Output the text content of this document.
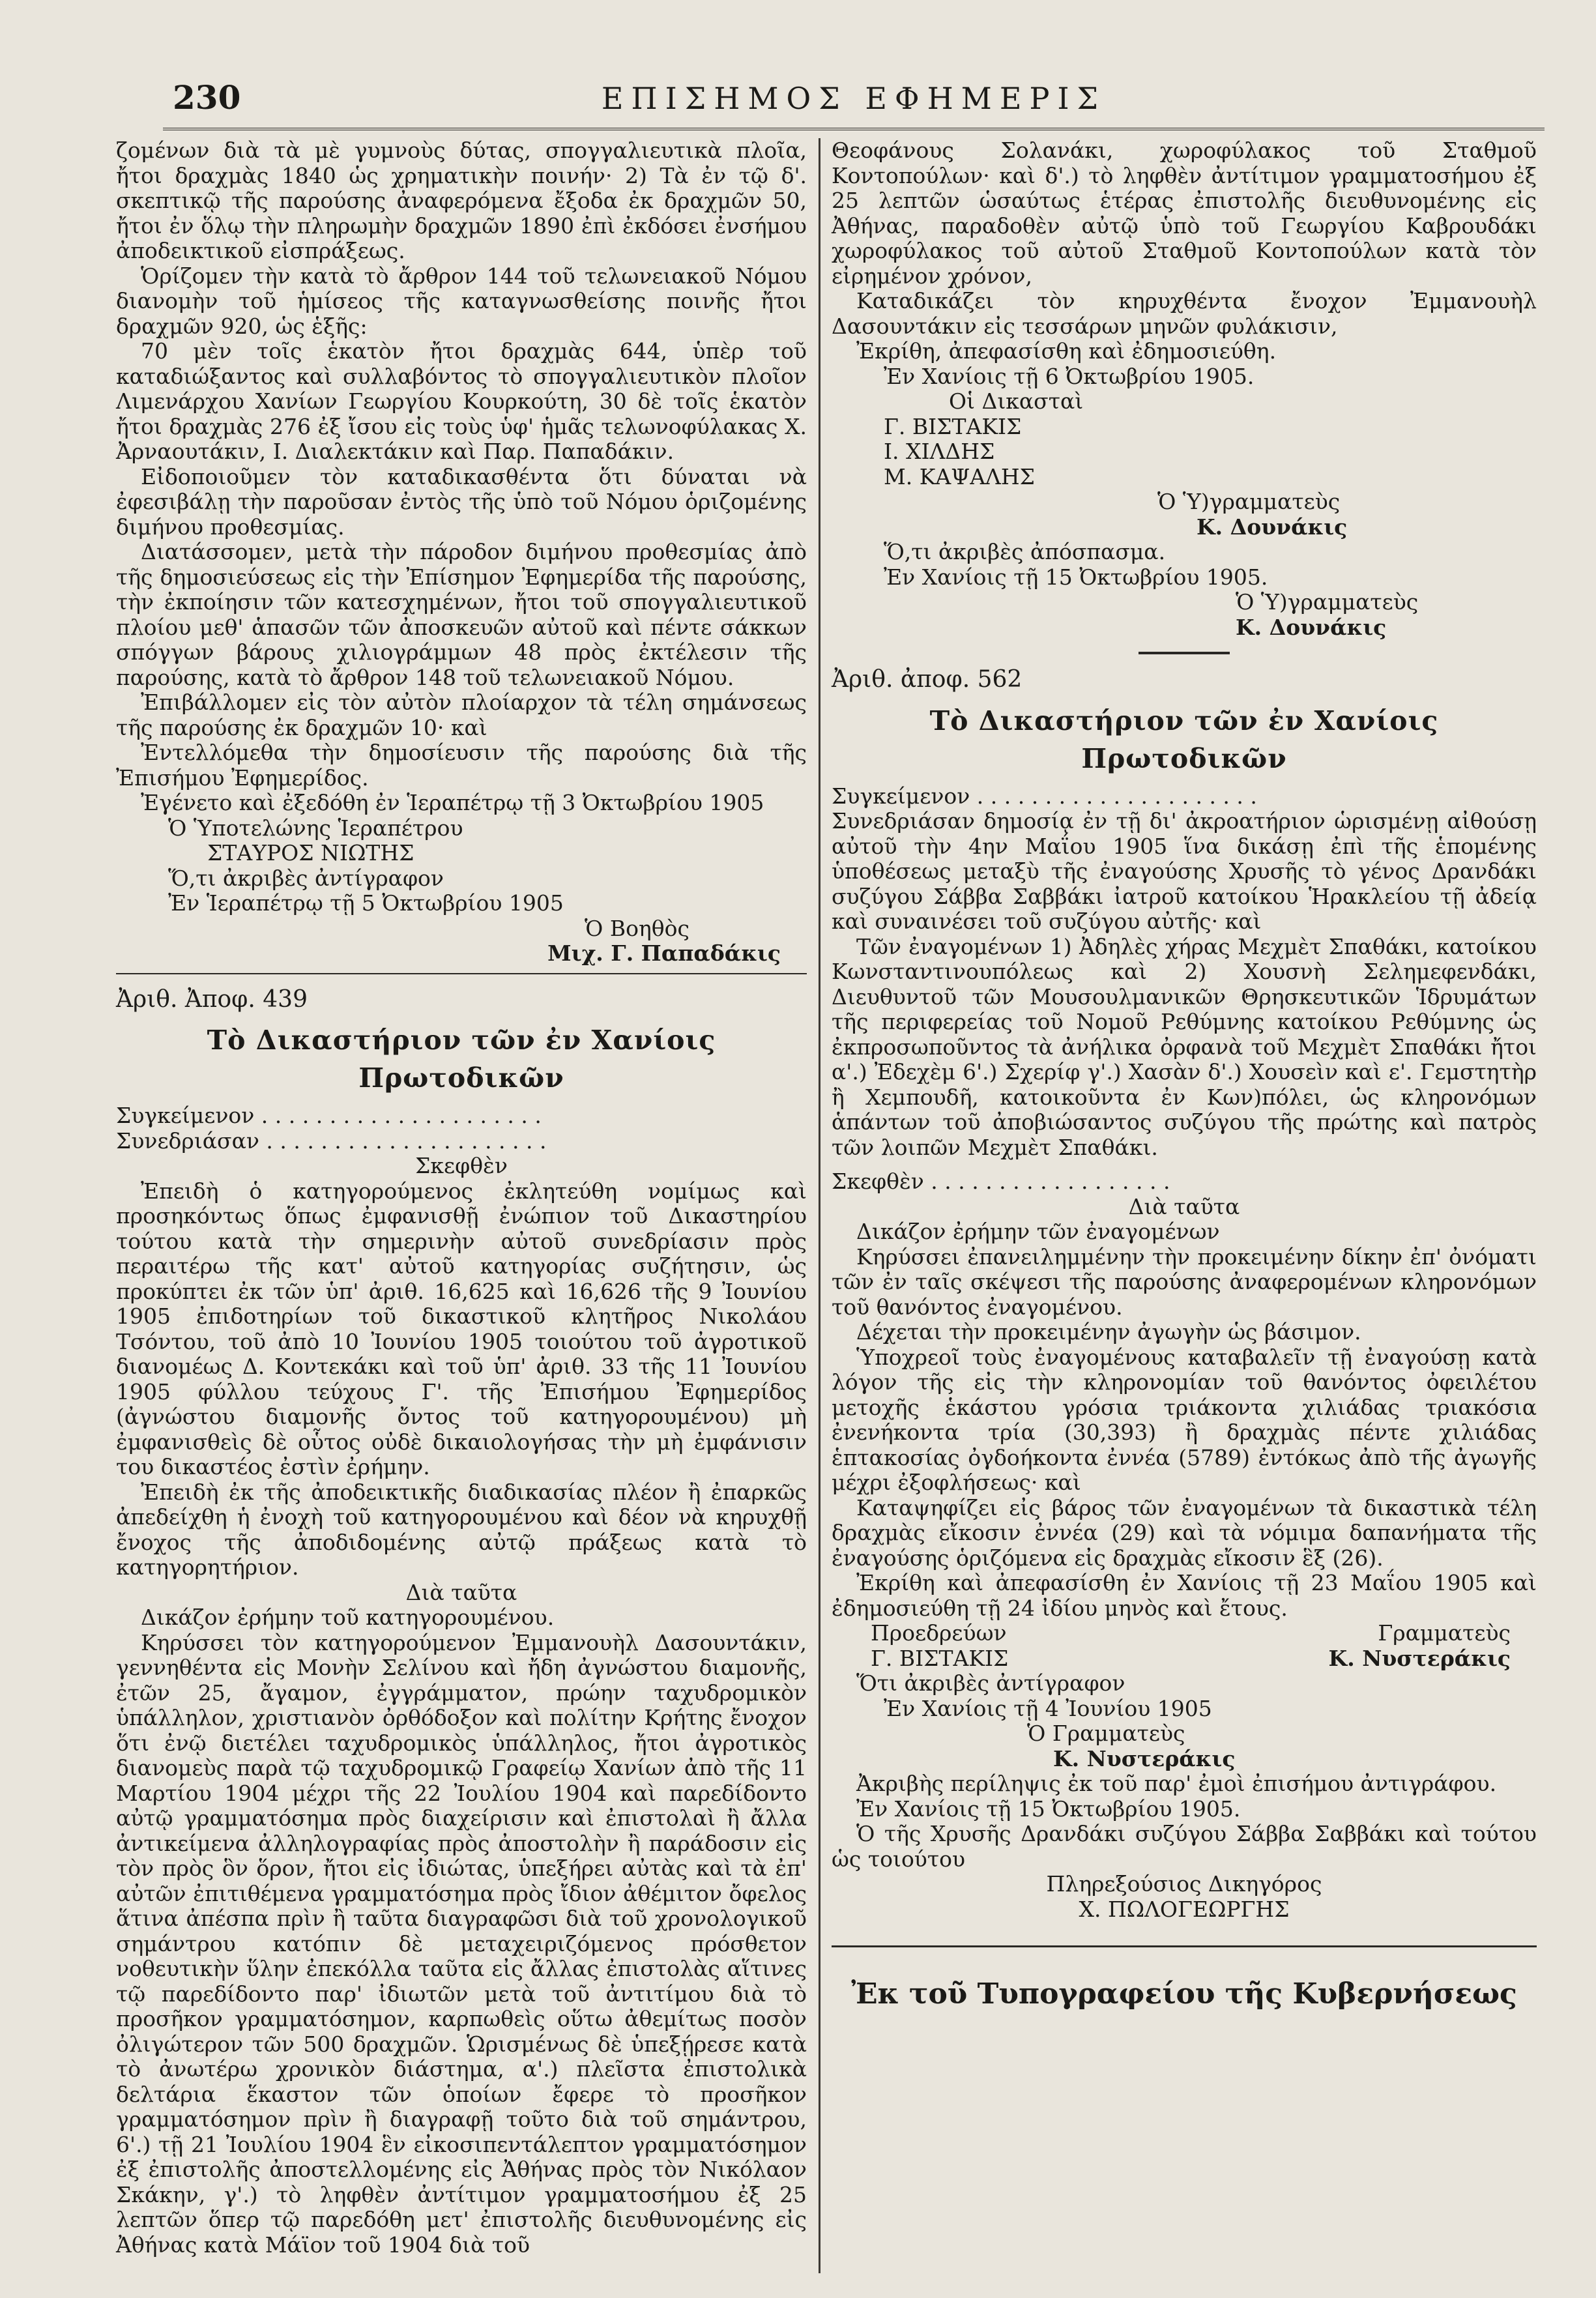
230	ΕΠΙΣΗΜΟΣ ΕΦΗΜΕΡΙΣ

ζομένων διὰ τὰ μὲ γυμνοὺς δύτας, σπογγαλιευτικὰ πλοῖα, ἤτοι δραχμὰς 1840 ὡς χρηματικὴν ποινήν· 2) Τὰ ἐν τῷ δ'. σκεπτικῷ τῆς παρούσης ἀναφερόμενα ἔξοδα ἐκ δραχμῶν 50, ἤτοι ἐν ὅλῳ τὴν πληρωμὴν δραχμῶν 1890 ἐπὶ ἐκδόσει ἐνσήμου ἀποδεικτικοῦ εἰσπράξεως.

Ὁρίζομεν τὴν κατὰ τὸ ἄρθρον 144 τοῦ τελωνειακοῦ Νόμου διανομὴν τοῦ ἡμίσεος τῆς καταγνωσθείσης ποινῆς ἤτοι δραχμῶν 920, ὡς ἑξῆς:

70 μὲν τοῖς ἑκατὸν ἤτοι δραχμὰς 644, ὑπὲρ τοῦ καταδιώξαντος καὶ συλλαβόντος τὸ σπογγαλιευτικὸν πλοῖον Λιμενάρχου Χανίων Γεωργίου Κουρκούτη, 30 δὲ τοῖς ἑκατὸν ἤτοι δραχμὰς 276 ἐξ ἴσου εἰς τοὺς ὑφ' ἡμᾶς τελωνοφύλακας Χ. Ἀρναουτάκιν, Ι. Διαλεκτάκιν καὶ Παρ. Παπαδάκιν.

Εἰδοποιοῦμεν τὸν καταδικασθέντα ὅτι δύναται νὰ ἐφεσιβάλῃ τὴν παροῦσαν ἐντὸς τῆς ὑπὸ τοῦ Νόμου ὁριζομένης διμήνου προθεσμίας.

Διατάσσομεν, μετὰ τὴν πάροδον διμήνου προθεσμίας ἀπὸ τῆς δημοσιεύσεως εἰς τὴν Ἐπίσημον Ἐφημερίδα τῆς παρούσης, τὴν ἐκποίησιν τῶν κατεσχημένων, ἤτοι τοῦ σπογγαλιευτικοῦ πλοίου μεθ' ἁπασῶν τῶν ἀποσκευῶν αὐτοῦ καὶ πέντε σάκκων σπόγγων βάρους χιλιογράμμων 48 πρὸς ἐκτέλεσιν τῆς παρούσης, κατὰ τὸ ἄρθρον 148 τοῦ τελωνειακοῦ Νόμου.

Ἐπιβάλλομεν εἰς τὸν αὐτὸν πλοίαρχον τὰ τέλη σημάνσεως τῆς παρούσης ἐκ δραχμῶν 10· καὶ

Ἐντελλόμεθα τὴν δημοσίευσιν τῆς παρούσης διὰ τῆς Ἐπισήμου Ἐφημερίδος.

Ἐγένετο καὶ ἐξεδόθη ἐν Ἱεραπέτρῳ τῇ 3 Ὀκτωβρίου 1905

Ὁ Ὑποτελώνης Ἱεραπέτρου

ΣΤΑΥΡΟΣ ΝΙΩΤΗΣ

Ὅ,τι ἀκριβὲς ἀντίγραφον

Ἐν Ἱεραπέτρῳ τῇ 5 Ὀκτωβρίου 1905

Ὁ Βοηθὸς

Μιχ. Γ. Παπαδάκις

Ἀριθ. Ἀποφ. 439

Τὸ Δικαστήριον τῶν ἐν Χανίοις Πρωτοδικῶν

Συγκείμενον . . . . . . . . . . . . . . . . . . . . .

Συνεδριάσαν . . . . . . . . . . . . . . . . . . . . .

Σκεφθὲν

Ἐπειδὴ ὁ κατηγορούμενος ἐκλητεύθη νομίμως καὶ προσηκόντως ὅπως ἐμφανισθῇ ἐνώπιον τοῦ Δικαστηρίου τούτου κατὰ τὴν σημερινὴν αὐτοῦ συνεδρίασιν πρὸς περαιτέρω τῆς κατ' αὐτοῦ κατηγορίας συζήτησιν, ὡς προκύπτει ἐκ τῶν ὑπ' ἀριθ. 16,625 καὶ 16,626 τῆς 9 Ἰουνίου 1905 ἐπιδοτηρίων τοῦ δικαστικοῦ κλητῆρος Νικολάου Τσόντου, τοῦ ἀπὸ 10 Ἰουνίου 1905 τοιούτου τοῦ ἀγροτικοῦ διανομέως Δ. Κοντεκάκι καὶ τοῦ ὑπ' ἀριθ. 33 τῆς 11 Ἰουνίου 1905 φύλλου τεύχους Γ'. τῆς Ἐπισήμου Ἐφημερίδος (ἀγνώστου διαμονῆς ὄντος τοῦ κατηγορουμένου) μὴ ἐμφανισθεὶς δὲ οὗτος οὐδὲ δικαιολογήσας τὴν μὴ ἐμφάνισιν του δικαστέος ἐστὶν ἐρήμην.

Ἐπειδὴ ἐκ τῆς ἀποδεικτικῆς διαδικασίας πλέον ἢ ἐπαρκῶς ἀπεδείχθη ἡ ἐνοχὴ τοῦ κατηγορουμένου καὶ δέον νὰ κηρυχθῇ ἔνοχος τῆς ἀποδιδομένης αὐτῷ πράξεως κατὰ τὸ κατηγορητήριον.

Διὰ ταῦτα

Δικάζον ἐρήμην τοῦ κατηγορουμένου.

Κηρύσσει τὸν κατηγορούμενον Ἐμμανουὴλ Δασουντάκιν, γεννηθέντα εἰς Μονὴν Σελίνου καὶ ἤδη ἀγνώστου διαμονῆς, ἐτῶν 25, ἄγαμον, ἐγγράμματον, πρώην ταχυδρομικὸν ὑπάλληλον, χριστιανὸν ὀρθόδοξον καὶ πολίτην Κρήτης ἔνοχον ὅτι ἐνῷ διετέλει ταχυδρομικὸς ὑπάλληλος, ἤτοι ἀγροτικὸς διανομεὺς παρὰ τῷ ταχυδρομικῷ Γραφείῳ Χανίων ἀπὸ τῆς 11 Μαρτίου 1904 μέχρι τῆς 22 Ἰουλίου 1904 καὶ παρεδίδοντο αὐτῷ γραμματόσημα πρὸς διαχείρισιν καὶ ἐπιστολαὶ ἢ ἄλλα ἀντικείμενα ἀλληλογραφίας πρὸς ἀποστολὴν ἢ παράδοσιν εἰς τὸν πρὸς ὃν ὅρον, ἤτοι εἰς ἰδιώτας, ὑπεξήρει αὐτὰς καὶ τὰ ἐπ' αὐτῶν ἐπιτιθέμενα γραμματόσημα πρὸς ἴδιον ἀθέμιτον ὄφελος ἅτινα ἀπέσπα πρὶν ἢ ταῦτα διαγραφῶσι διὰ τοῦ χρονολογικοῦ σημάντρου κατόπιν δὲ μεταχειριζόμενος πρόσθετον νοθευτικὴν ὕλην ἐπεκόλλα ταῦτα εἰς ἄλλας ἐπιστολὰς αἵτινες τῷ παρεδίδοντο παρ' ἰδιωτῶν μετὰ τοῦ ἀντιτίμου διὰ τὸ προσῆκον γραμματόσημον, καρπωθεὶς οὕτω ἀθεμίτως ποσὸν ὀλιγώτερον τῶν 500 δραχμῶν. Ὡρισμένως δὲ ὑπεξῄρεσε κατὰ τὸ ἀνωτέρω χρονικὸν διάστημα, α'.) πλεῖστα ἐπιστολικὰ δελτάρια ἕκαστον τῶν ὁποίων ἔφερε τὸ προσῆκον γραμματόσημον πρὶν ἢ διαγραφῇ τοῦτο διὰ τοῦ σημάντρου, 6'.) τῇ 21 Ἰουλίου 1904 ἓν εἰκοσιπεντάλεπτον γραμματόσημον ἐξ ἐπιστολῆς ἀποστελλομένης εἰς Ἀθήνας πρὸς τὸν Νικόλαον Σκάκην, γ'.) τὸ ληφθὲν ἀντίτιμον γραμματοσήμου ἐξ 25 λεπτῶν ὅπερ τῷ παρεδόθη μετ' ἐπιστολῆς διευθυνομένης εἰς Ἀθήνας κατὰ Μάϊον τοῦ 1904 διὰ τοῦ

Θεοφάνους Σολανάκι, χωροφύλακος τοῦ Σταθμοῦ Κοντοπούλων· καὶ δ'.) τὸ ληφθὲν ἀντίτιμον γραμματοσήμου ἐξ 25 λεπτῶν ὡσαύτως ἑτέρας ἐπιστολῆς διευθυνομένης εἰς Ἀθήνας, παραδοθὲν αὐτῷ ὑπὸ τοῦ Γεωργίου Καβρουδάκι χωροφύλακος τοῦ αὐτοῦ Σταθμοῦ Κοντοπούλων κατὰ τὸν εἰρημένον χρόνον,

Καταδικάζει τὸν κηρυχθέντα ἔνοχον Ἐμμανουὴλ Δασουντάκιν εἰς τεσσάρων μηνῶν φυλάκισιν,

Ἐκρίθη, ἀπεφασίσθη καὶ ἐδημοσιεύθη.

Ἐν Χανίοις τῇ 6 Ὀκτωβρίου 1905.

Οἱ Δικασταὶ

Γ. ΒΙΣΤΑΚΙΣ

Ι. ΧΙΛΔΗΣ

Μ. ΚΑΨΑΛΗΣ

Ὁ Ὑ)γραμματεὺς

Κ. Δουνάκις

Ὅ,τι ἀκριβὲς ἀπόσπασμα.

Ἐν Χανίοις τῇ 15 Ὀκτωβρίου 1905.

Ὁ Ὑ)γραμματεὺς

Κ. Δουνάκις

Ἀριθ. ἀποφ. 562

Τὸ Δικαστήριον τῶν ἐν Χανίοις Πρωτοδικῶν

Συγκείμενον . . . . . . . . . . . . . . . . . . . . .

Συνεδριάσαν δημοσίᾳ ἐν τῇ δι' ἀκροατήριον ὡρισμένῃ αἰθούσῃ αὐτοῦ τὴν 4ην Μαΐου 1905 ἵνα δικάσῃ ἐπὶ τῆς ἑπομένης ὑποθέσεως μεταξὺ τῆς ἐναγούσης Χρυσῆς τὸ γένος Δρανδάκι συζύγου Σάββα Σαββάκι ἰατροῦ κατοίκου Ἡρακλείου τῇ ἀδείᾳ καὶ συναινέσει τοῦ συζύγου αὐτῆς· καὶ

Τῶν ἐναγομένων 1) Ἀδηλὲς χήρας Μεχμὲτ Σπαθάκι, κατοίκου Κωνσταντινουπόλεως καὶ 2) Χουσνὴ Σελημεφενδάκι, Διευθυντοῦ τῶν Μουσουλμανικῶν Θρησκευτικῶν Ἱδρυμάτων τῆς περιφερείας τοῦ Νομοῦ Ρεθύμνης κατοίκου Ρεθύμνης ὡς ἐκπροσωποῦντος τὰ ἀνήλικα ὀρφανὰ τοῦ Μεχμὲτ Σπαθάκι ἤτοι α'.) Ἐδεχὲμ 6'.) Σχερίφ γ'.) Χασὰν δ'.) Χουσεὶν καὶ ε'. Γεμστητὴρ ἢ Χεμπουδῆ, κατοικοῦντα ἐν Κων)πόλει, ὡς κληρονόμων ἁπάντων τοῦ ἀποβιώσαντος συζύγου τῆς πρώτης καὶ πατρὸς τῶν λοιπῶν Μεχμὲτ Σπαθάκι.

Σκεφθὲν . . . . . . . . . . . . . . . . . .

Διὰ ταῦτα

Δικάζον ἐρήμην τῶν ἐναγομένων

Κηρύσσει ἐπανειλημμένην τὴν προκειμένην δίκην ἐπ' ὀνόματι τῶν ἐν ταῖς σκέψεσι τῆς παρούσης ἀναφερομένων κληρονόμων τοῦ θανόντος ἐναγομένου.

Δέχεται τὴν προκειμένην ἀγωγὴν ὡς βάσιμον.

Ὑποχρεοῖ τοὺς ἐναγομένους καταβαλεῖν τῇ ἐναγούσῃ κατὰ λόγον τῆς εἰς τὴν κληρονομίαν τοῦ θανόντος ὀφειλέτου μετοχῆς ἑκάστου γρόσια τριάκοντα χιλιάδας τριακόσια ἐνενήκοντα τρία (30,393) ἢ δραχμὰς πέντε χιλιάδας ἑπτακοσίας ὀγδοήκοντα ἐννέα (5789) ἐντόκως ἀπὸ τῆς ἀγωγῆς μέχρι ἐξοφλήσεως· καὶ

Καταψηφίζει εἰς βάρος τῶν ἐναγομένων τὰ δικαστικὰ τέλη δραχμὰς εἴκοσιν ἐννέα (29) καὶ τὰ νόμιμα δαπανήματα τῆς ἐναγούσης ὁριζόμενα εἰς δραχμὰς εἴκοσιν ἓξ (26).

Ἐκρίθη καὶ ἀπεφασίσθη ἐν Χανίοις τῇ 23 Μαΐου 1905 καὶ ἐδημοσιεύθη τῇ 24 ἰδίου μηνὸς καὶ ἔτους.

Προεδρεύων	Γραμματεὺς
Γ. ΒΙΣΤΑΚΙΣ	Κ. Νυστεράκις

Ὅτι ἀκριβὲς ἀντίγραφον

Ἐν Χανίοις τῇ 4 Ἰουνίου 1905

Ὁ Γραμματεὺς

Κ. Νυστεράκις

Ἀκριβὴς περίληψις ἐκ τοῦ παρ' ἐμοὶ ἐπισήμου ἀντιγράφου.

Ἐν Χανίοις τῇ 15 Ὀκτωβρίου 1905.

Ὁ τῆς Χρυσῆς Δρανδάκι συζύγου Σάββα Σαββάκι καὶ τούτου ὡς τοιούτου

Πληρεξούσιος Δικηγόρος

Χ. ΠΩΛΟΓΕΩΡΓΗΣ

Ἐκ τοῦ Τυπογραφείου τῆς Κυβερνήσεως
